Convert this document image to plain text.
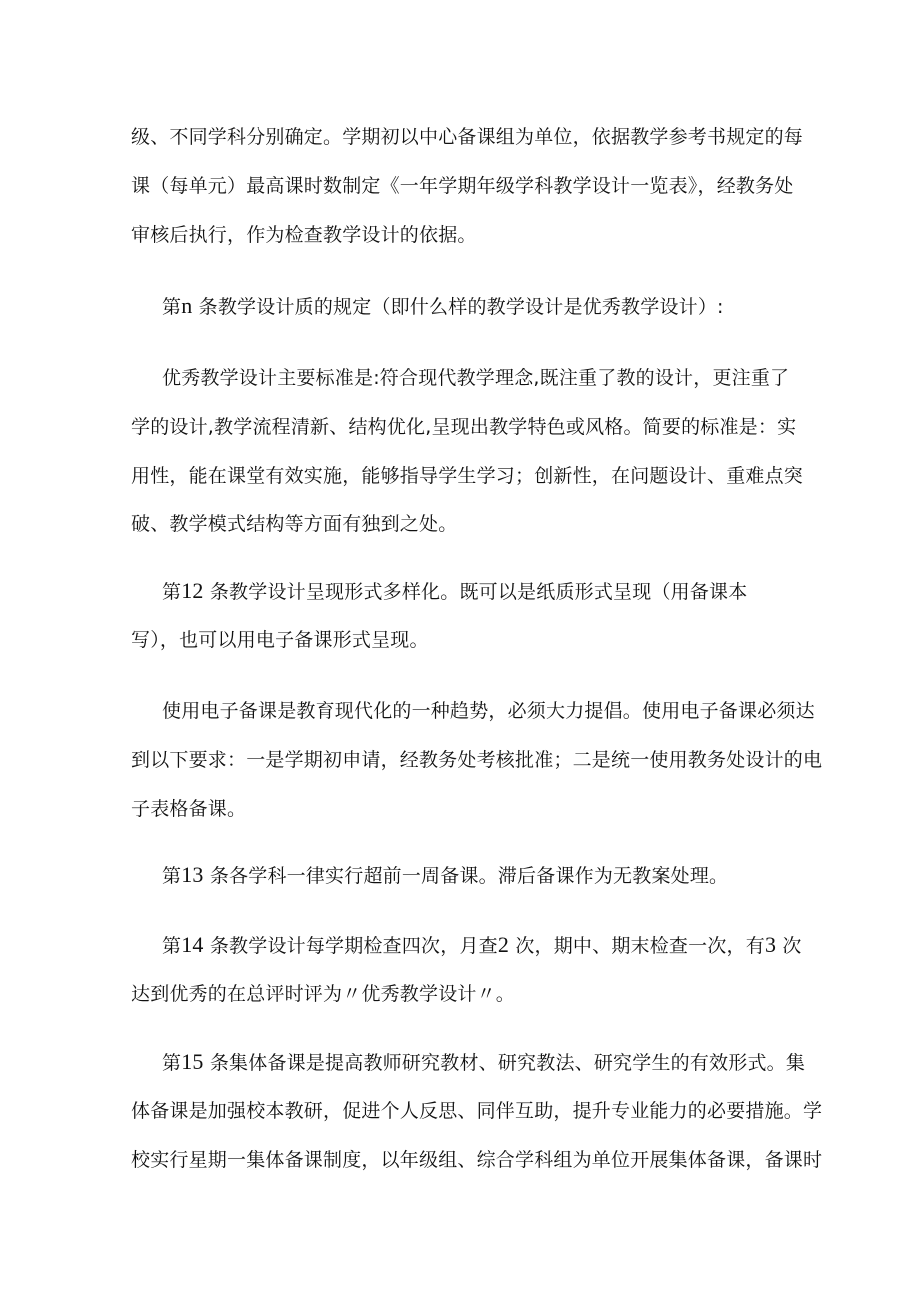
级、不同学科分别确定。学期初以中心备课组为单位，依据教学参考书规定的每
课（每单元）最高课时数制定《一年学期年级学科教学设计一览表》，经教务处
审核后执行，作为检查教学设计的依据。
第n 条教学设计质的规定（即什么样的教学设计是优秀教学设计）:
优秀教学设计主要标准是:符合现代教学理念,既注重了教的设计，更注重了
学的设计,教学流程清新、结构优化,呈现出教学特色或风格。简要的标准是：实
用性，能在课堂有效实施，能够指导学生学习；创新性，在问题设计、重难点突
破、教学模式结构等方面有独到之处。
第12 条教学设计呈现形式多样化。既可以是纸质形式呈现（用备课本
写），也可以用电子备课形式呈现。
使用电子备课是教育现代化的一种趋势，必须大力提倡。使用电子备课必须达
到以下要求：一是学期初申请，经教务处考核批准；二是统一使用教务处设计的电
子表格备课。
第13 条各学科一律实行超前一周备课。滞后备课作为无教案处理。
第14 条教学设计每学期检查四次，月查2 次，期中、期末检查一次，有3 次
达到优秀的在总评时评为〃优秀教学设计〃。
第15 条集体备课是提高教师研究教材、研究教法、研究学生的有效形式。集
体备课是加强校本教研，促进个人反思、同伴互助，提升专业能力的必要措施。学
校实行星期一集体备课制度，以年级组、综合学科组为单位开展集体备课，备课时
